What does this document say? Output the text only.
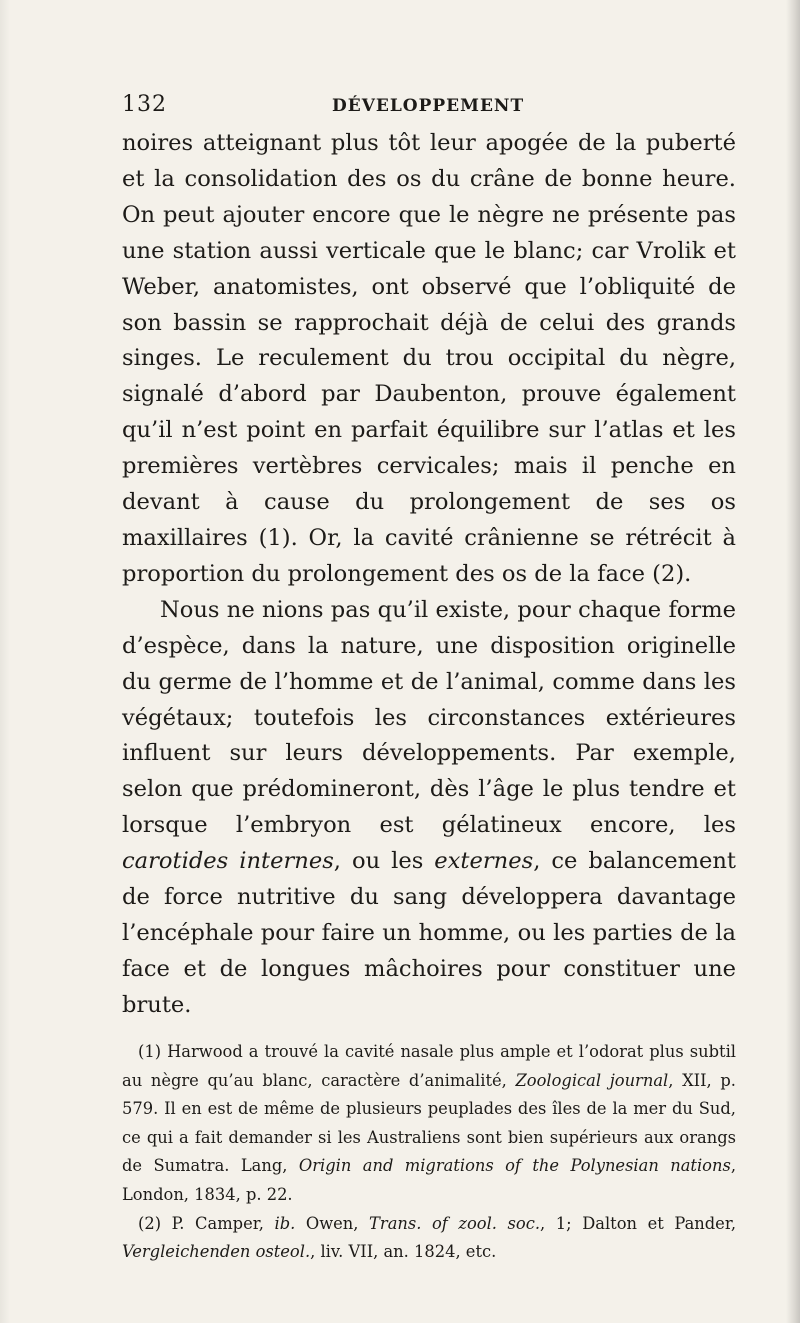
132	DÉVELOPPEMENT

noires atteignant plus tôt leur apogée de la puberté et la consolidation des os du crâne de bonne heure. On peut ajouter encore que le nègre ne présente pas une station aussi verticale que le blanc; car Vrolik et Weber, anatomistes, ont observé que l’obliquité de son bassin se rapprochait déjà de celui des grands singes. Le reculement du trou occipital du nègre, signalé d’abord par Daubenton, prouve également qu’il n’est point en parfait équilibre sur l’atlas et les premières vertèbres cervicales; mais il penche en devant à cause du prolongement de ses os maxillaires (1). Or, la cavité crânienne se rétrécit à proportion du prolongement des os de la face (2).

Nous ne nions pas qu’il existe, pour chaque forme d’espèce, dans la nature, une disposition originelle du germe de l’homme et de l’animal, comme dans les végétaux; toutefois les circonstances extérieures influent sur leurs développements. Par exemple, selon que prédomineront, dès l’âge le plus tendre et lorsque l’embryon est gélatineux encore, les carotides internes, ou les externes, ce balancement de force nutritive du sang développera davantage l’encéphale pour faire un homme, ou les parties de la face et de longues mâchoires pour constituer une brute.

(1) Harwood a trouvé la cavité nasale plus ample et l’odorat plus subtil au nègre qu’au blanc, caractère d’animalité, Zoological journal, XII, p. 579. Il en est de même de plusieurs peuplades des îles de la mer du Sud, ce qui a fait demander si les Australiens sont bien supérieurs aux orangs de Sumatra. Lang, Origin and migrations of the Polynesian nations, London, 1834, p. 22.

(2) P. Camper, ib. Owen, Trans. of zool. soc., 1; Dalton et Pander, Vergleichenden osteol., liv. VII, an. 1824, etc.
